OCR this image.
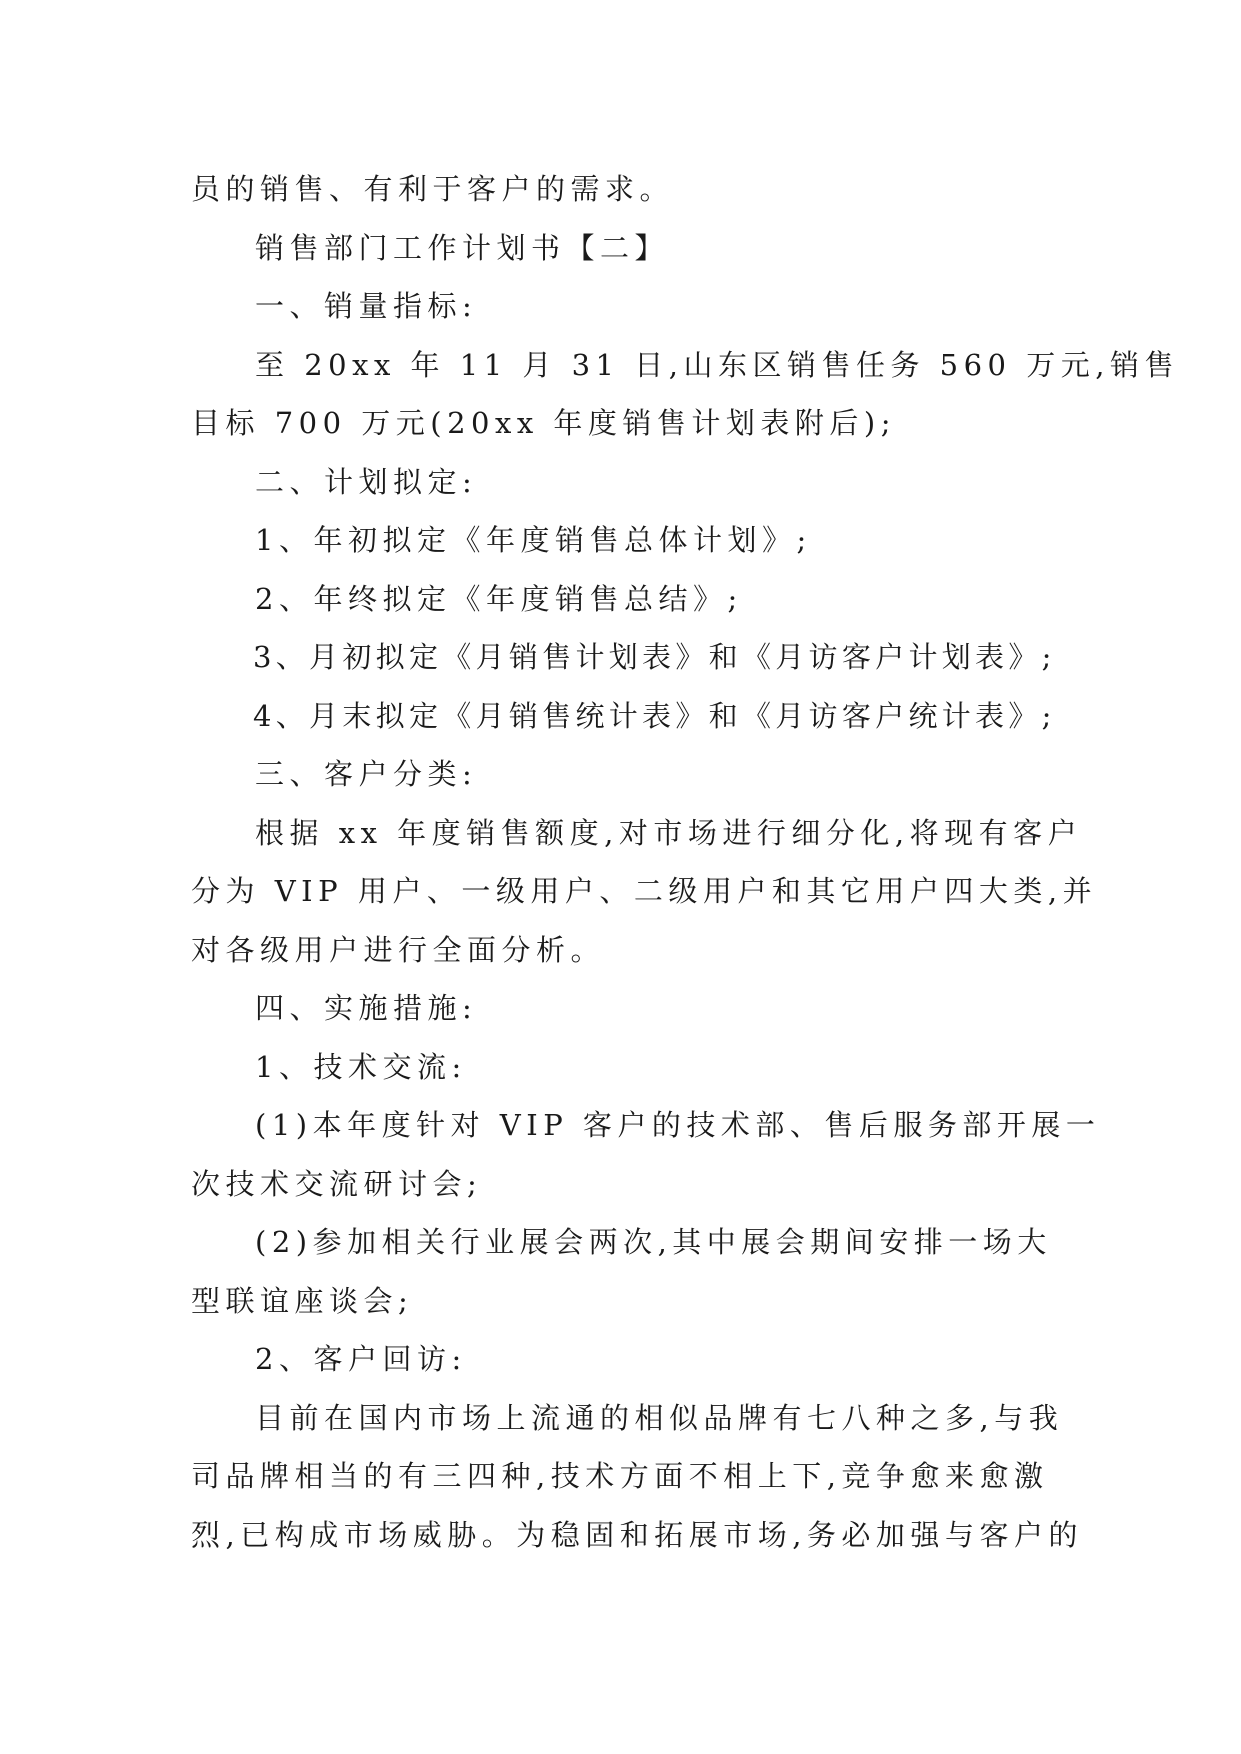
员的销售、有利于客户的需求。

销售部门工作计划书【二】

一、销量指标:

至 20xx 年 11 月 31 日,山东区销售任务 560 万元,销售

目标 700 万元(20xx 年度销售计划表附后);

二、计划拟定:

1、年初拟定《年度销售总体计划》;

2、年终拟定《年度销售总结》;

3、月初拟定《月销售计划表》和《月访客户计划表》;

4、月末拟定《月销售统计表》和《月访客户统计表》;

三、客户分类:

根据 xx 年度销售额度,对市场进行细分化,将现有客户

分为 VIP 用户、一级用户、二级用户和其它用户四大类,并

对各级用户进行全面分析。

四、实施措施:

1、技术交流:

(1)本年度针对 VIP 客户的技术部、售后服务部开展一

次技术交流研讨会;

(2)参加相关行业展会两次,其中展会期间安排一场大

型联谊座谈会;

2、客户回访:

目前在国内市场上流通的相似品牌有七八种之多,与我

司品牌相当的有三四种,技术方面不相上下,竞争愈来愈激

烈,已构成市场威胁。为稳固和拓展市场,务必加强与客户的
